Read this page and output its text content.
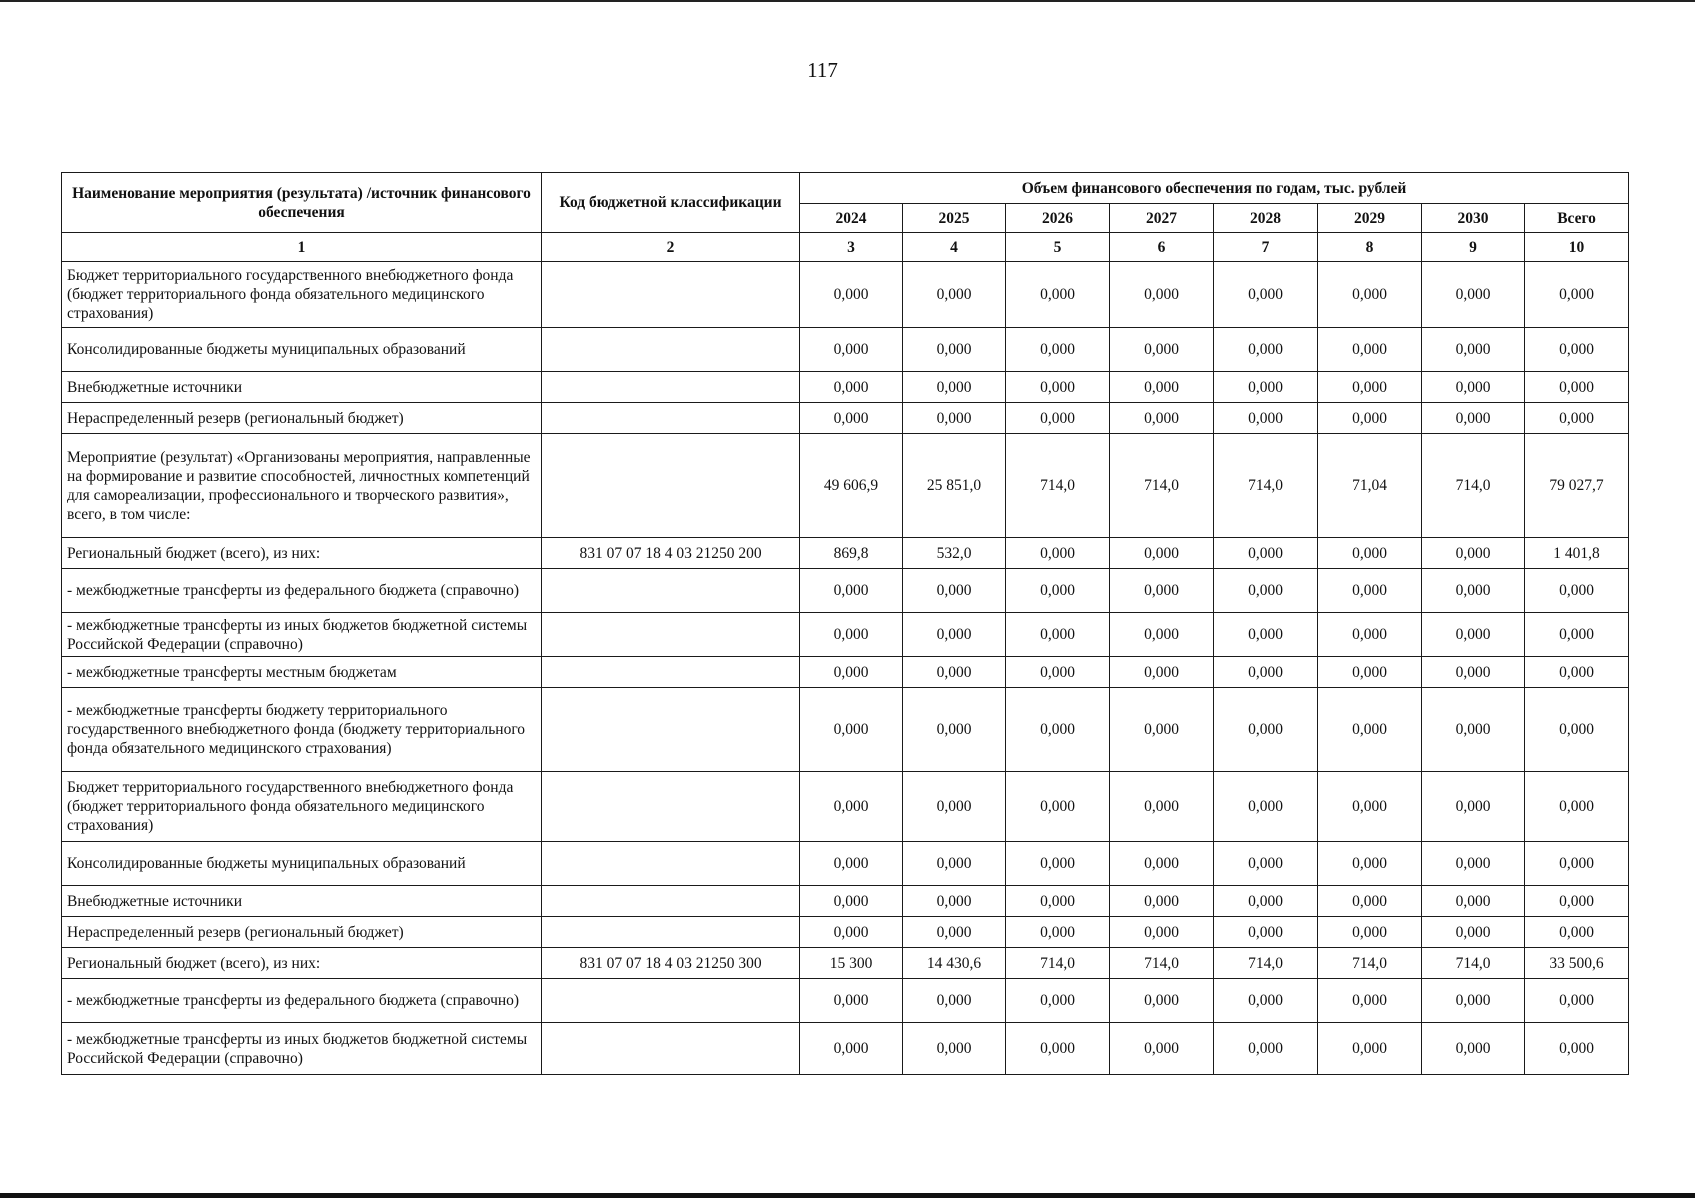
117
Наименование мероприятия (результата) /источник финансового обеспечения	Код бюджетной классификации	Объем финансового обеспечения по годам, тыс. рублей							
		2024	2025	2026	2027	2028	2029	2030	Всего
1	2	3	4	5	6	7	8	9	10
Бюджет территориального государственного внебюджетного фонда (бюджет территориального фонда обязательного медицинского страхования)		0,000	0,000	0,000	0,000	0,000	0,000	0,000	0,000
Консолидированные бюджеты муниципальных образований		0,000	0,000	0,000	0,000	0,000	0,000	0,000	0,000
Внебюджетные источники		0,000	0,000	0,000	0,000	0,000	0,000	0,000	0,000
Нераспределенный резерв (региональный бюджет)		0,000	0,000	0,000	0,000	0,000	0,000	0,000	0,000
Мероприятие (результат) «Организованы мероприятия, направленные на формирование и развитие способностей, личностных компетенций для самореализации, профессионального и творческого развития», всего, в том числе:		49 606,9	25 851,0	714,0	714,0	714,0	71,04	714,0	79 027,7
Региональный бюджет (всего), из них:	831 07 07 18 4 03 21250 200	869,8	532,0	0,000	0,000	0,000	0,000	0,000	1 401,8
- межбюджетные трансферты из федерального бюджета (справочно)		0,000	0,000	0,000	0,000	0,000	0,000	0,000	0,000
- межбюджетные трансферты из иных бюджетов бюджетной системы Российской Федерации (справочно)		0,000	0,000	0,000	0,000	0,000	0,000	0,000	0,000
- межбюджетные трансферты местным бюджетам		0,000	0,000	0,000	0,000	0,000	0,000	0,000	0,000
- межбюджетные трансферты бюджету территориального государственного внебюджетного фонда (бюджету территориального фонда обязательного медицинского страхования)		0,000	0,000	0,000	0,000	0,000	0,000	0,000	0,000
Бюджет территориального государственного внебюджетного фонда (бюджет территориального фонда обязательного медицинского страхования)		0,000	0,000	0,000	0,000	0,000	0,000	0,000	0,000
Консолидированные бюджеты муниципальных образований		0,000	0,000	0,000	0,000	0,000	0,000	0,000	0,000
Внебюджетные источники		0,000	0,000	0,000	0,000	0,000	0,000	0,000	0,000
Нераспределенный резерв (региональный бюджет)		0,000	0,000	0,000	0,000	0,000	0,000	0,000	0,000
Региональный бюджет (всего), из них:	831 07 07 18 4 03 21250 300	15 300	14 430,6	714,0	714,0	714,0	714,0	714,0	33 500,6
- межбюджетные трансферты из федерального бюджета (справочно)		0,000	0,000	0,000	0,000	0,000	0,000	0,000	0,000
- межбюджетные трансферты из иных бюджетов бюджетной системы Российской Федерации (справочно)		0,000	0,000	0,000	0,000	0,000	0,000	0,000	0,000
